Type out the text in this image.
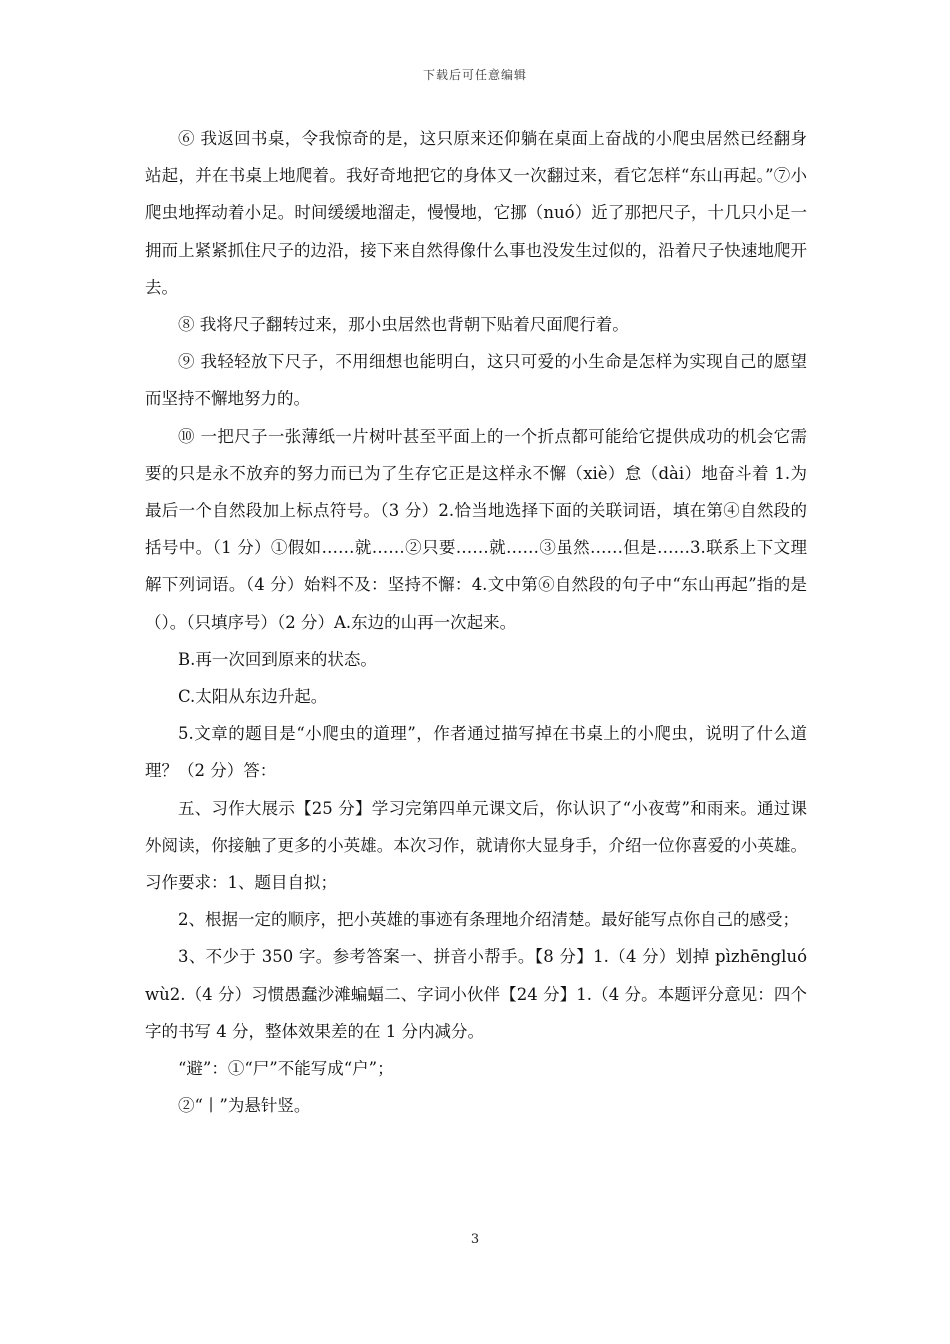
下载后可任意编辑

⑥ 我返回书桌，令我惊奇的是，这只原来还仰躺在桌面上奋战的小爬虫居然已经翻身站起，并在书桌上地爬着。我好奇地把它的身体又一次翻过来，看它怎样“东山再起。”⑦小爬虫地挥动着小足。时间缓缓地溜走，慢慢地，它挪（nuó）近了那把尺子，十几只小足一拥而上紧紧抓住尺子的边沿，接下来自然得像什么事也没发生过似的，沿着尺子快速地爬开去。

⑧ 我将尺子翻转过来，那小虫居然也背朝下贴着尺面爬行着。

⑨ 我轻轻放下尺子，不用细想也能明白，这只可爱的小生命是怎样为实现自己的愿望而坚持不懈地努力的。

⑩ 一把尺子一张薄纸一片树叶甚至平面上的一个折点都可能给它提供成功的机会它需要的只是永不放弃的努力而已为了生存它正是这样永不懈（xiè）怠（dài）地奋斗着 1.为最后一个自然段加上标点符号。（3 分）2.恰当地选择下面的关联词语，填在第④自然段的括号中。（1 分）①假如……就……②只要……就……③虽然……但是……3.联系上下文理解下列词语。（4 分）始料不及：坚持不懈：4.文中第⑥自然段的句子中“东山再起”指的是（）。（只填序号）（2 分）A.东边的山再一次起来。

B.再一次回到原来的状态。

C.太阳从东边升起。

5.文章的题目是“小爬虫的道理”，作者通过描写掉在书桌上的小爬虫，说明了什么道理？（2 分）答：

五、习作大展示【25 分】学习完第四单元课文后，你认识了“小夜莺”和雨来。通过课外阅读，你接触了更多的小英雄。本次习作，就请你大显身手，介绍一位你喜爱的小英雄。习作要求：1、题目自拟；

2、根据一定的顺序，把小英雄的事迹有条理地介绍清楚。最好能写点你自己的感受；

3、不少于 350 字。参考答案一、拼音小帮手。【8 分】1.（4 分）划掉 pìzhēngluówù2.（4 分）习惯愚蠢沙滩蝙蝠二、字词小伙伴【24 分】1.（4 分。本题评分意见：四个字的书写 4 分，整体效果差的在 1 分内减分。

“避”：①“尸”不能写成“户”；

②“丨”为悬针竖。

3
